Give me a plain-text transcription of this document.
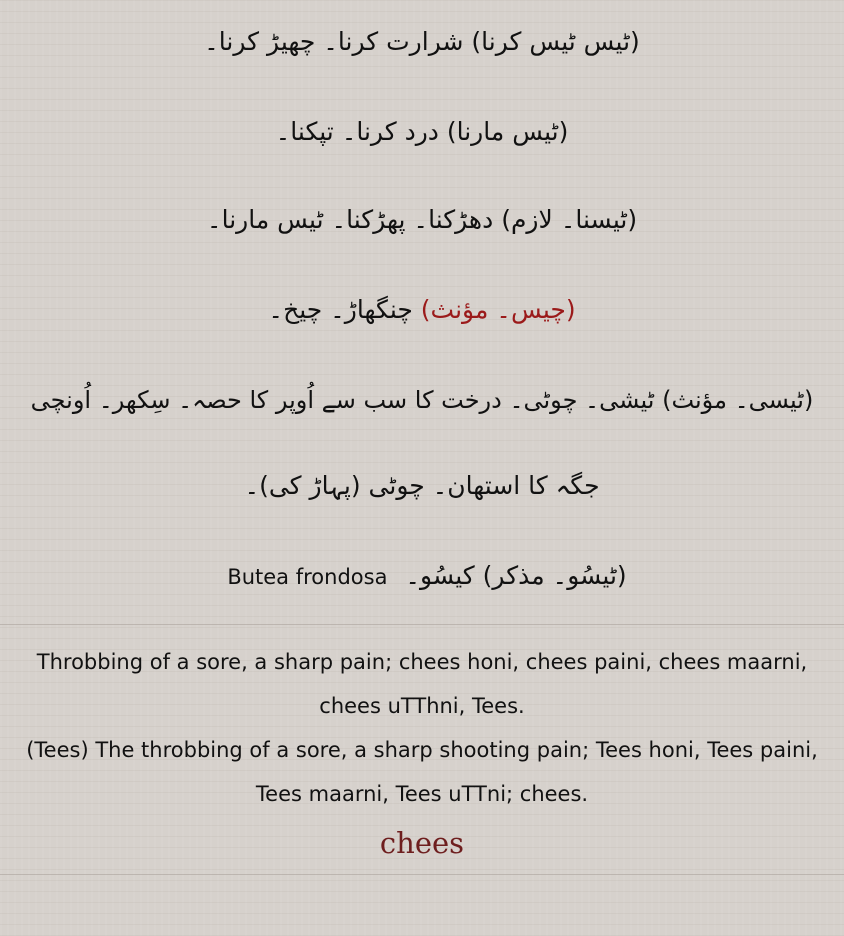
(ٹیس ٹیس کرنا) شرارت کرنا۔ چھیڑ کرنا۔
(ٹیس مارنا) درد کرنا۔ تپکنا۔
(ٹیسنا۔ لازم) دھڑکنا۔ پھڑکنا۔ ٹیس مارنا۔
(چیس۔ مؤنث) چنگھاڑ۔ چیخ۔
(ٹیسی۔ مؤنث) ٹیشی۔ چوٹی۔ درخت کا سب سے اُوپر کا حصہ۔ سِکھر۔ اُونچی
جگہ کا استھان۔ چوٹی (پہاڑ کی)۔
(ٹیسُو۔ مذکر) کیسُو۔ Butea frondosa
Throbbing of a sore, a sharp pain; chees honi, chees paini, chees maarni, chees uTThni, Tees.
(Tees) The throbbing of a sore, a sharp shooting pain; Tees honi, Tees paini, Tees maarni, Tees uTTni; chees.
chees
